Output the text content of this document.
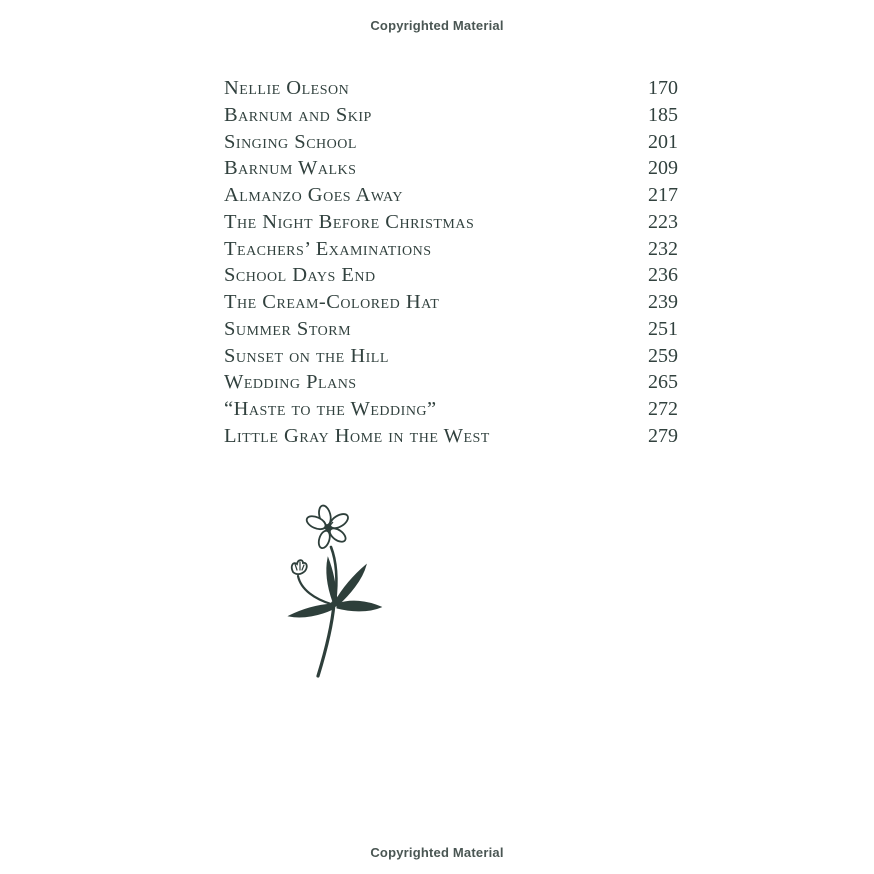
Copyrighted Material
Nellie Oleson	170
Barnum and Skip	185
Singing School	201
Barnum Walks	209
Almanzo Goes Away	217
The Night Before Christmas	223
Teachers’ Examinations	232
School Days End	236
The Cream-Colored Hat	239
Summer Storm	251
Sunset on the Hill	259
Wedding Plans	265
“Haste to the Wedding”	272
Little Gray Home in the West	279
Copyrighted Material
